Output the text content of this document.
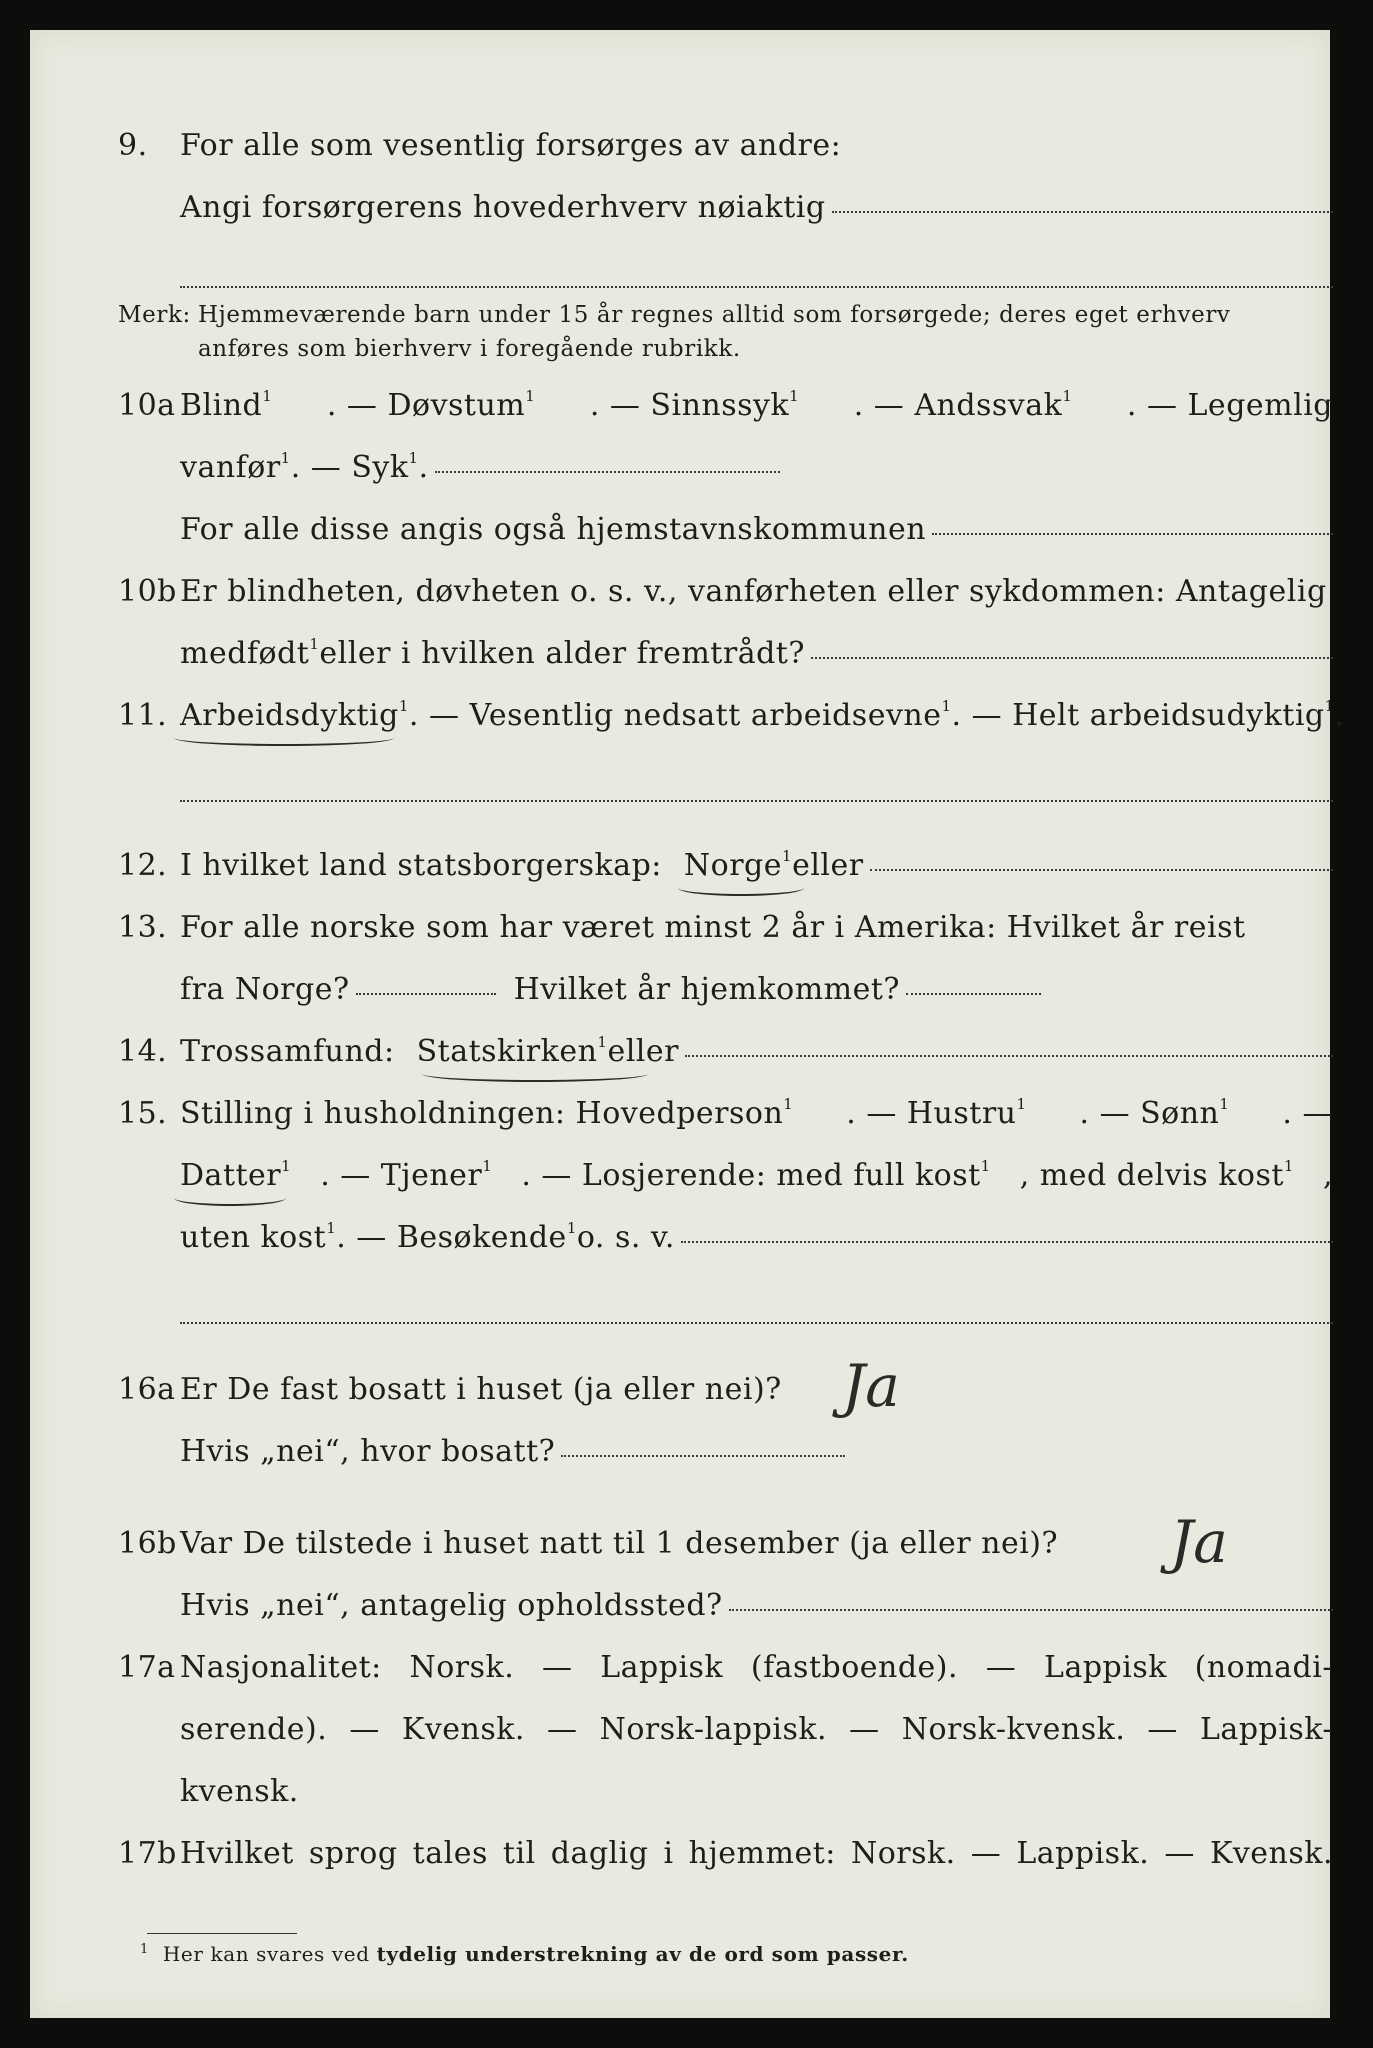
9. For alle som vesentlig forsørges av andre:
Angi forsørgerens hovederhverv nøiaktig
Merk: Hjemmeværende barn under 15 år regnes alltid som forsørgede; deres eget erhverv
anføres som bierhverv i foregående rubrikk.
10a Blind$^1$ . — Døvstum$^1$ . — Sinnssyk$^1$ . — Andssvak$^1$ . — Legemlig
vanfør$^1$ . — Syk$^1$.
For alle disse angis også hjemstavnskommunen
10b Er blindheten, døvheten o. s. v., vanførheten eller sykdommen: Antagelig
medfødt$^1$ eller i hvilken alder fremtrådt?
11. Arbeidsdyktig$^1$ . — Vesentlig nedsatt arbeidsevne$^1$ . — Helt arbeidsudyktig$^1$ .
12. I hvilket land statsborgerskap: Norge$^1$ eller
13. For alle norske som har været minst 2 år i Amerika: Hvilket år reist
fra Norge?	Hvilket år hjemkommet?
14. Trossamfund: Statskirken$^1$ eller
15. Stilling i husholdningen: Hovedperson$^1$ . — Hustru$^1$ . — Sønn$^1$ . —
Datter$^1$ . — Tjener$^1$ . — Losjerende: med full kost$^1$ , med delvis kost$^1$ ,
uten kost$^1$ . — Besøkende$^1$ o. s. v.
16a Er De fast bosatt i huset (ja eller nei)? Ja
Hvis „nei“, hvor bosatt?
16b Var De tilstede i huset natt til 1 desember (ja eller nei)? Ja
Hvis „nei“, antagelig opholdssted?
17a Nasjonalitet: Norsk. — Lappisk (fastboende). — Lappisk (nomadi-
serende). — Kvensk. — Norsk-lappisk. — Norsk-kvensk. — Lappisk-
kvensk.
17b Hvilket sprog tales til daglig i hjemmet: Norsk. — Lappisk. — Kvensk.
$^1$ Her kan svares ved tydelig understrekning av de ord som passer.
